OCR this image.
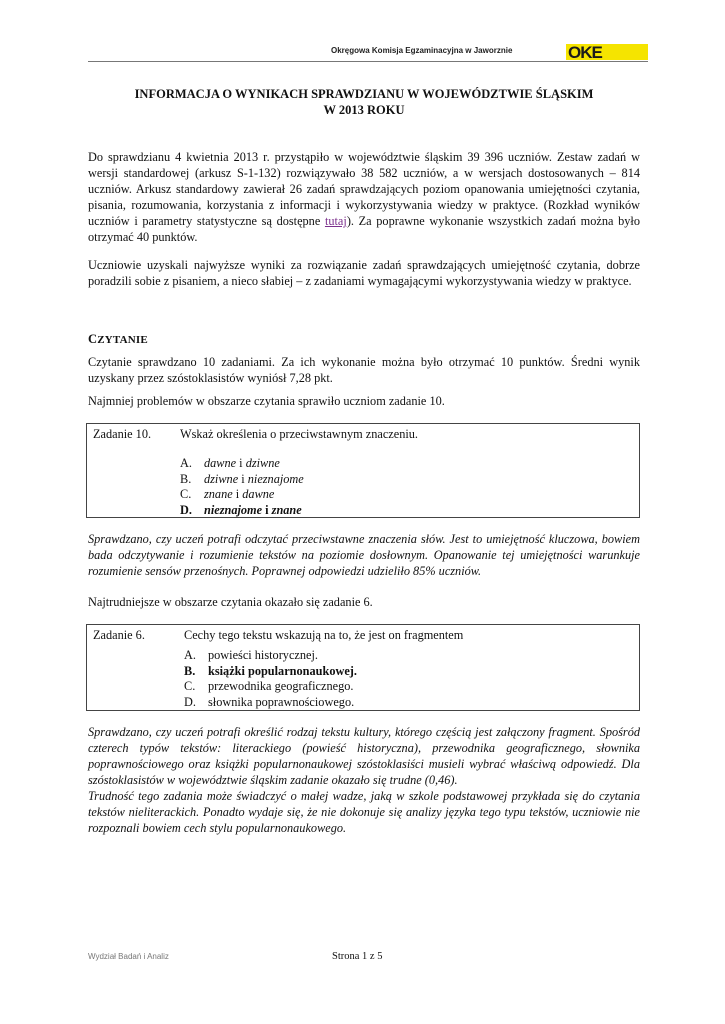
Okręgowa Komisja Egzaminacyjna w Jaworznie	OKE
INFORMACJA O WYNIKACH SPRAWDZIANU W WOJEWÓDZTWIE ŚLĄSKIM
W 2013 ROKU

Do sprawdzianu 4 kwietnia 2013 r. przystąpiło w województwie śląskim 39 396 uczniów. Zestaw zadań w wersji standardowej (arkusz S-1-132) rozwiązywało 38 582 uczniów, a w wersjach dostosowanych – 814 uczniów. Arkusz standardowy zawierał 26 zadań sprawdzających poziom opanowania umiejętności czytania, pisania, rozumowania, korzystania z informacji i wykorzystywania wiedzy w praktyce. (Rozkład wyników uczniów i parametry statystyczne są dostępne tutaj). Za poprawne wykonanie wszystkich zadań można było otrzymać 40 punktów.

Uczniowie uzyskali najwyższe wyniki za rozwiązanie zadań sprawdzających umiejętność czytania, dobrze poradzili sobie z pisaniem, a nieco słabiej – z zadaniami wymagającymi wykorzystywania wiedzy w praktyce.

CZYTANIE

Czytanie sprawdzano 10 zadaniami. Za ich wykonanie można było otrzymać 10 punktów. Średni wynik uzyskany przez szóstoklasistów wyniósł 7,28 pkt.

Najmniej problemów w obszarze czytania sprawiło uczniom zadanie 10.

Zadanie 10. Wskaż określenia o przeciwstawnym znaczeniu.
A. dawne i dziwne
B. dziwne i nieznajome
C. znane i dawne
D. nieznajome i znane

Sprawdzano, czy uczeń potrafi odczytać przeciwstawne znaczenia słów. Jest to umiejętność kluczowa, bowiem bada odczytywanie i rozumienie tekstów na poziomie dosłownym. Opanowanie tej umiejętności warunkuje rozumienie sensów przenośnych. Poprawnej odpowiedzi udzieliło 85% uczniów.

Najtrudniejsze w obszarze czytania okazało się zadanie 6.

Zadanie 6.	Cechy tego tekstu wskazują na to, że jest on fragmentem
A. powieści historycznej.
B. książki popularnonaukowej.
C. przewodnika geograficznego.
D. słownika poprawnościowego.

Sprawdzano, czy uczeń potrafi określić rodzaj tekstu kultury, którego częścią jest załączony fragment. Spośród czterech typów tekstów: literackiego (powieść historyczna), przewodnika geograficznego, słownika poprawnościowego oraz książki popularnonaukowej szóstoklasiści musieli wybrać właściwą odpowiedź. Dla szóstoklasistów w województwie śląskim zadanie okazało się trudne (0,46).

Trudność tego zadania może świadczyć o małej wadze, jaką w szkole podstawowej przykłada się do czytania tekstów nieliterackich. Ponadto wydaje się, że nie dokonuje się analizy języka tego typu tekstów, uczniowie nie rozpoznali bowiem cech stylu popularnonaukowego.

Wydział Badań i Analiz	Strona 1 z 5
